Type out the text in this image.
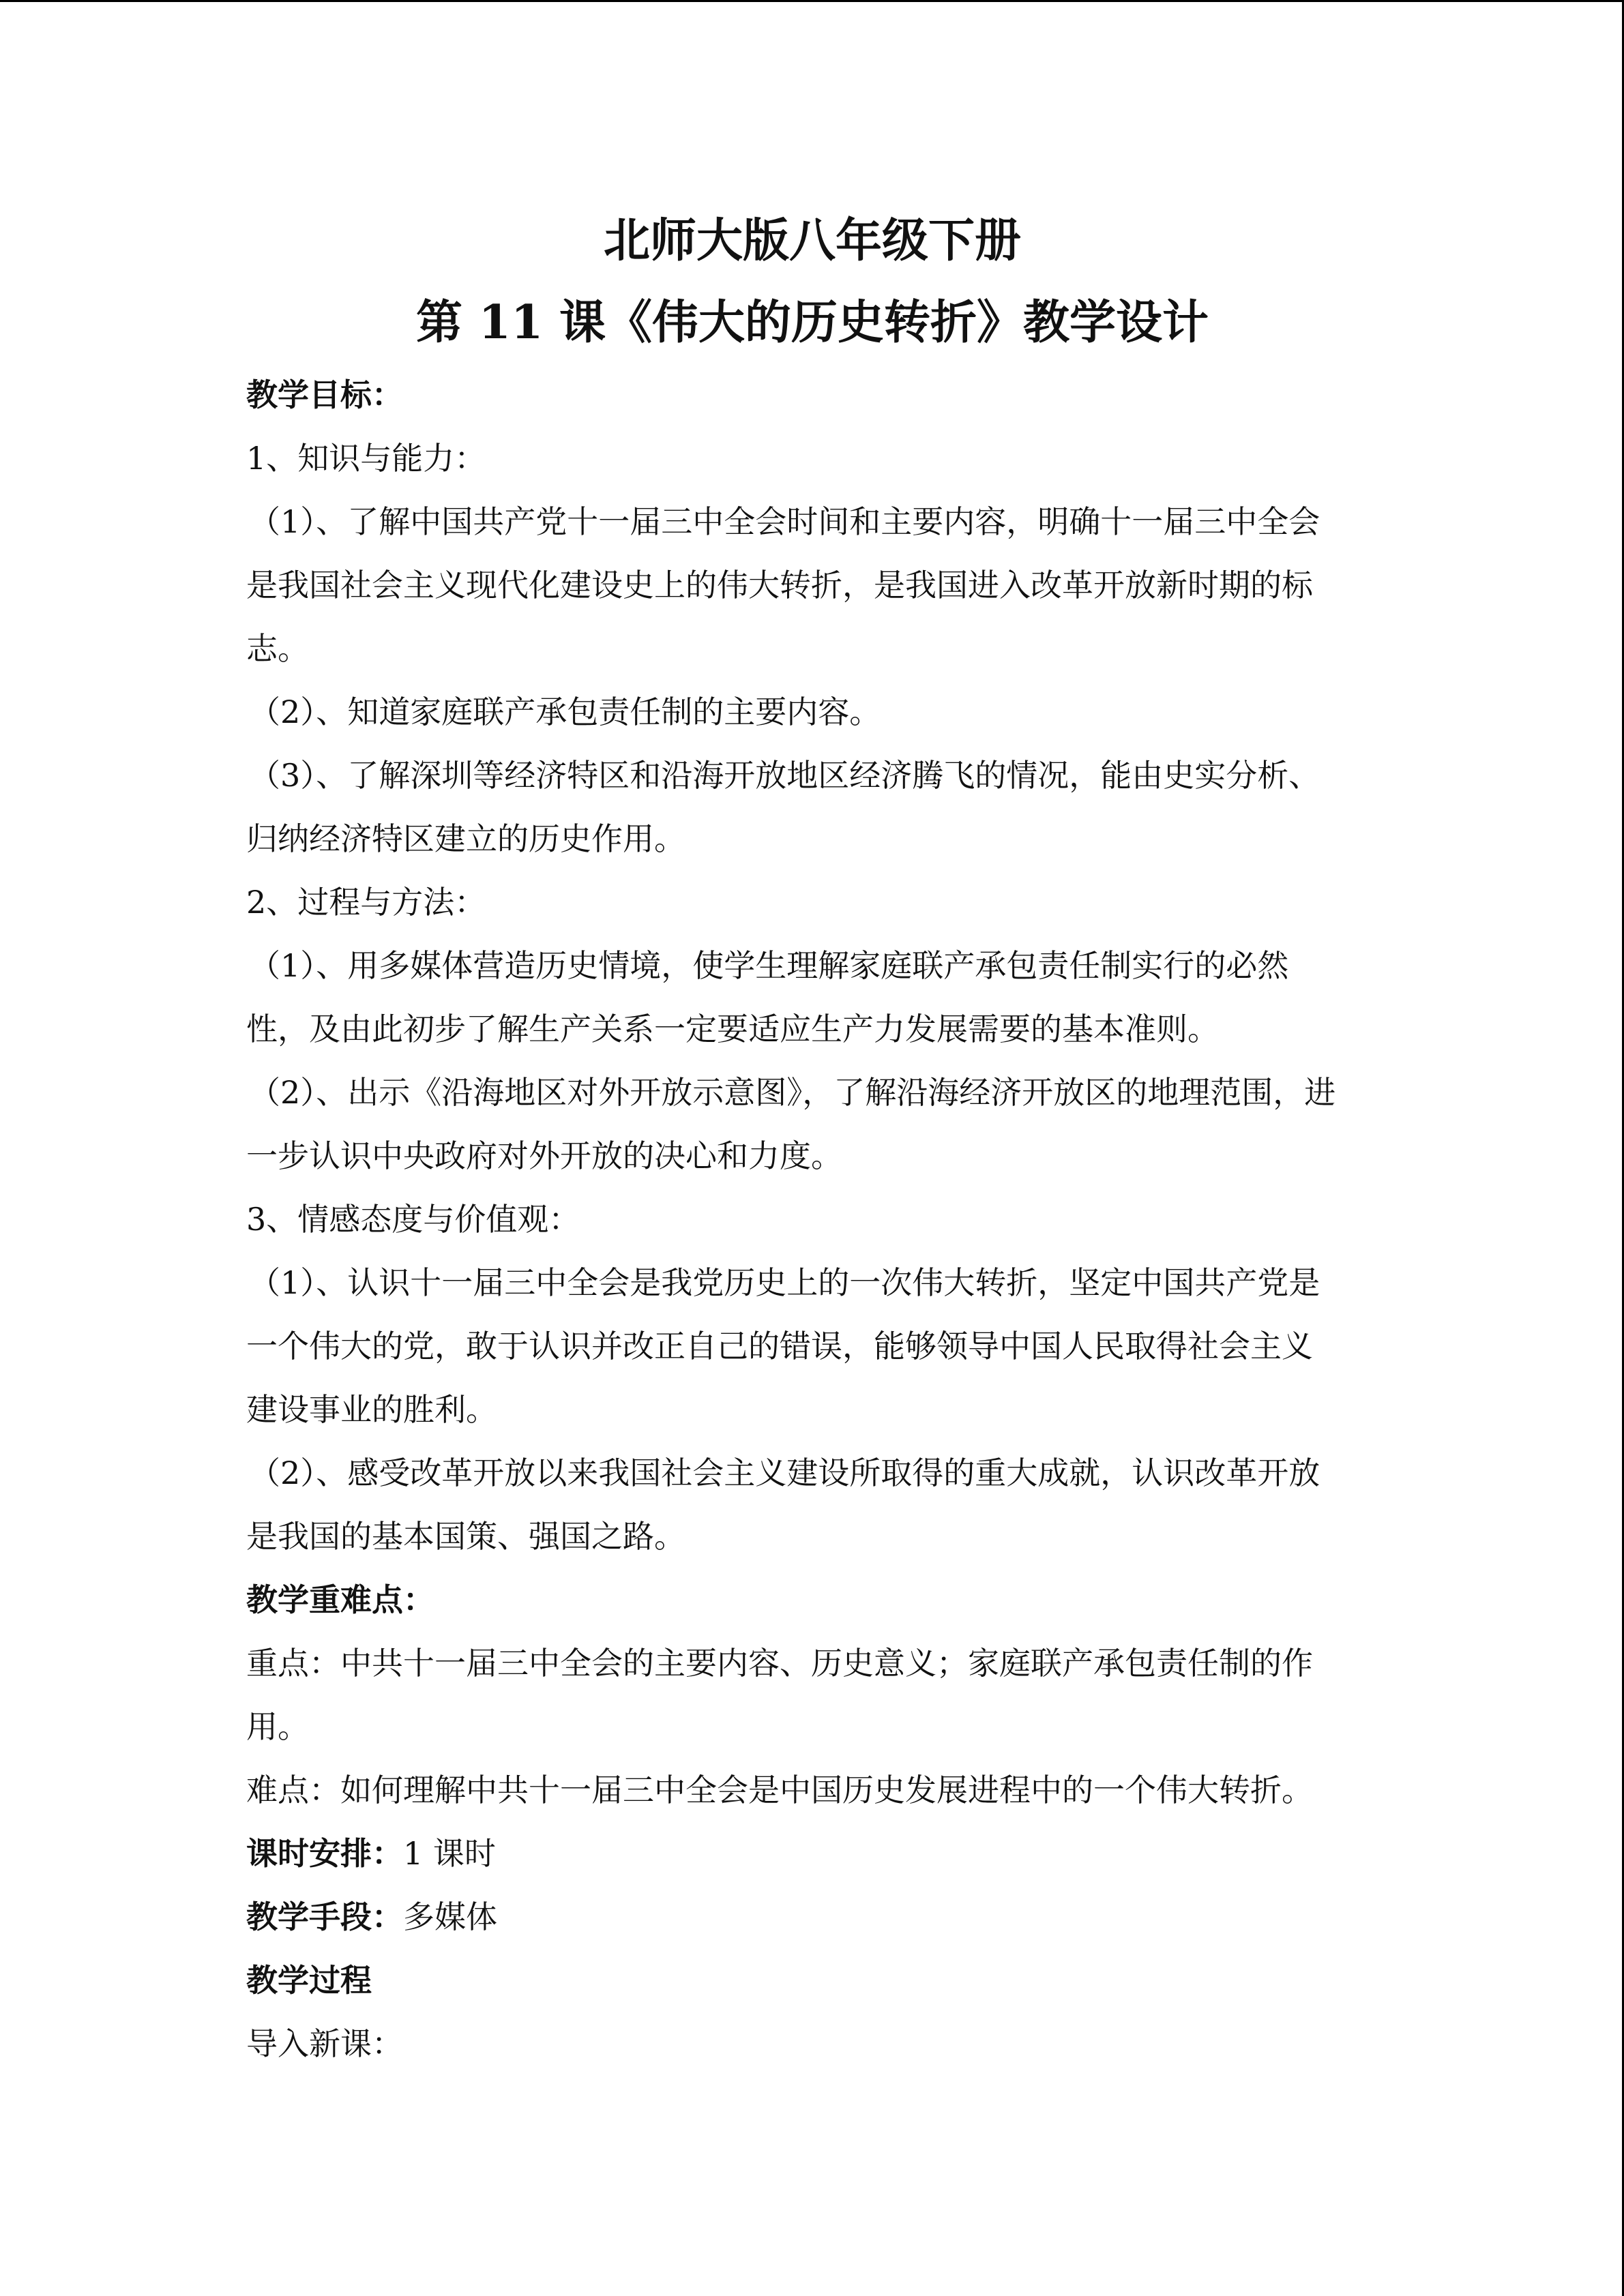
北师大版八年级下册
第 11 课《伟大的历史转折》教学设计

教学目标：

1、知识与能力：

（1）、了解中国共产党十一届三中全会时间和主要内容，明确十一届三中全会

是我国社会主义现代化建设史上的伟大转折，是我国进入改革开放新时期的标

志。

（2）、知道家庭联产承包责任制的主要内容。

（3）、了解深圳等经济特区和沿海开放地区经济腾飞的情况，能由史实分析、

归纳经济特区建立的历史作用。

2、过程与方法：

（1）、用多媒体营造历史情境，使学生理解家庭联产承包责任制实行的必然

性，及由此初步了解生产关系一定要适应生产力发展需要的基本准则。

（2）、出示《沿海地区对外开放示意图》，了解沿海经济开放区的地理范围，进

一步认识中央政府对外开放的决心和力度。

3、情感态度与价值观：

（1）、认识十一届三中全会是我党历史上的一次伟大转折，坚定中国共产党是

一个伟大的党，敢于认识并改正自己的错误，能够领导中国人民取得社会主义

建设事业的胜利。

（2）、感受改革开放以来我国社会主义建设所取得的重大成就，认识改革开放

是我国的基本国策、强国之路。

教学重难点：

重点：中共十一届三中全会的主要内容、历史意义；家庭联产承包责任制的作

用。

难点：如何理解中共十一届三中全会是中国历史发展进程中的一个伟大转折。

课时安排：1 课时

教学手段：多媒体

教学过程

导入新课：
